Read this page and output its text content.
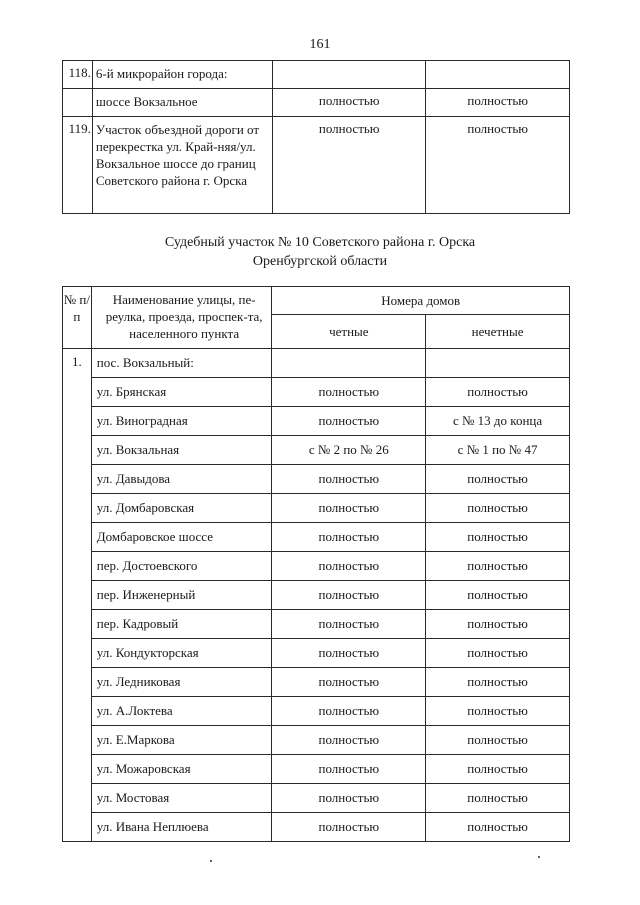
161
118.	6-й микрорайон города:		
	шоссе Вокзальное	полностью	полностью
119.	Участок объездной дороги от перекрестка ул. Край-няя/ул. Вокзальное шоссе до границ Советского района г. Орска	полностью	полностью
Судебный участок № 10 Советского района г. Орска
Оренбургской области
№ п/п	Наименование улицы, пе-реулка, проезда, проспек-та, населенного пункта	Номера домов	
		четные	нечетные
1.	пос. Вокзальный:		
	ул. Брянская	полностью	полностью
	ул. Виноградная	полностью	с № 13 до конца
	ул. Вокзальная	с № 2 по № 26	с № 1 по № 47
	ул. Давыдова	полностью	полностью
	ул. Домбаровская	полностью	полностью
	Домбаровское шоссе	полностью	полностью
	пер. Достоевского	полностью	полностью
	пер. Инженерный	полностью	полностью
	пер. Кадровый	полностью	полностью
	ул. Кондукторская	полностью	полностью
	ул. Ледниковая	полностью	полностью
	ул. А.Локтева	полностью	полностью
	ул. Е.Маркова	полностью	полностью
	ул. Можаровская	полностью	полностью
	ул. Мостовая	полностью	полностью
	ул. Ивана Неплюева	полностью	полностью
